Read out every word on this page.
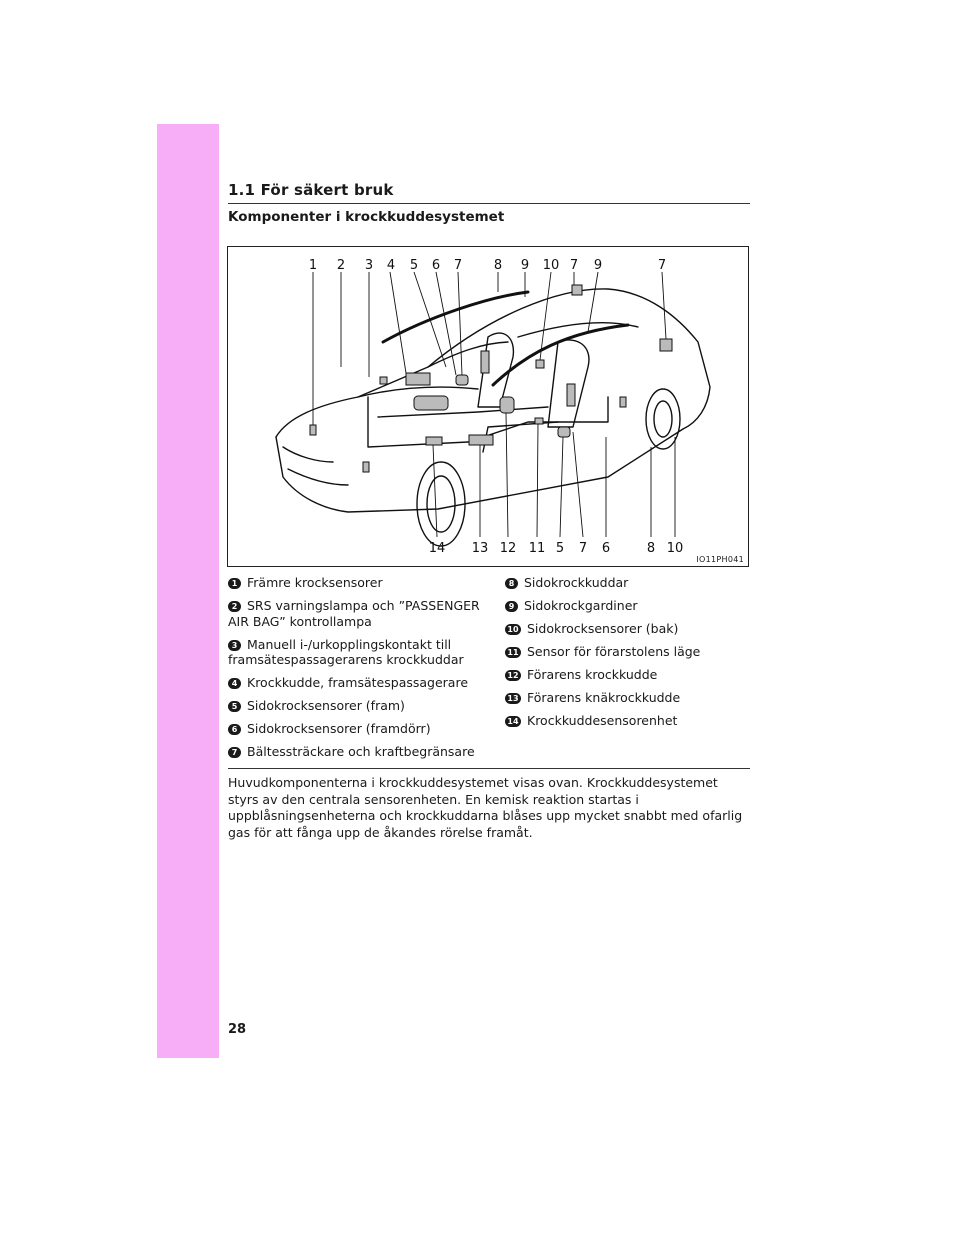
1.1 För säkert bruk
Komponenter i krockkuddesystemet
1 2 3 4 5 6 7 8 9 10 7 9	7
14 13 12 11 5 7 6	8 10
IO11PH041
1 Främre krocksensorer
2 SRS varningslampa och ”PASSENGER AIR BAG” kontrollampa
3 Manuell i-/urkopplingskontakt till framsätespassagerarens krockkuddar
4 Krockkudde, framsätespassagerare
5 Sidokrocksensorer (fram)
6 Sidokrocksensorer (framdörr)
7 Bältessträckare och kraftbegränsare
8 Sidokrockkuddar
9 Sidokrockgardiner
10 Sidokrocksensorer (bak)
11 Sensor för förarstolens läge
12 Förarens krockkudde
13 Förarens knäkrockkudde
14 Krockkuddesensorenhet
Huvudkomponenterna i krockkuddesystemet visas ovan. Krockkuddesystemet styrs av den centrala sensorenheten. En kemisk reaktion startas i uppblåsningsenheterna och krockkuddarna blåses upp mycket snabbt med ofarlig gas för att fånga upp de åkandes rörelse framåt.
28
